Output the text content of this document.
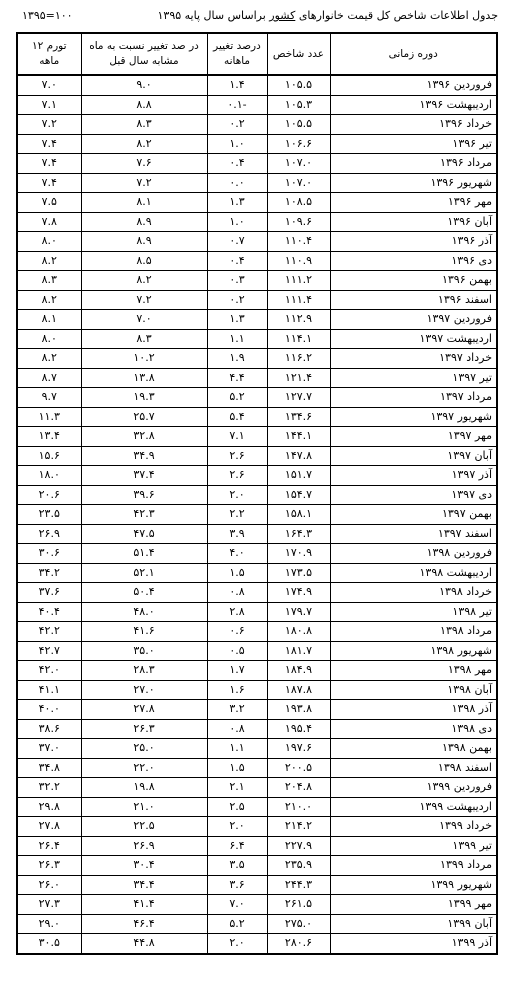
جدول اطلاعات شاخص کل قیمت خانوارهای کشور براساس سال پایه ۱۳۹۵
۱۰۰=۱۳۹۵
دوره زمانی	عدد شاخص	درصد تغییر ماهانه	در صد تغییر نسبت به ماه مشابه سال قبل	تورم ۱۲ ماهه
فروردین ۱۳۹۶	۱۰۵.۵	۱.۴	۹.۰	۷.۰
اردیبهشت ۱۳۹۶	۱۰۵.۳	-۰.۱	۸.۸	۷.۱
خرداد ۱۳۹۶	۱۰۵.۵	۰.۲	۸.۳	۷.۲
تیر ۱۳۹۶	۱۰۶.۶	۱.۰	۸.۲	۷.۴
مرداد ۱۳۹۶	۱۰۷.۰	۰.۴	۷.۶	۷.۴
شهریور ۱۳۹۶	۱۰۷.۰	۰.۰	۷.۲	۷.۴
مهر ۱۳۹۶	۱۰۸.۵	۱.۳	۸.۱	۷.۵
آبان ۱۳۹۶	۱۰۹.۶	۱.۰	۸.۹	۷.۸
آذر ۱۳۹۶	۱۱۰.۴	۰.۷	۸.۹	۸.۰
دی ۱۳۹۶	۱۱۰.۹	۰.۴	۸.۵	۸.۲
بهمن ۱۳۹۶	۱۱۱.۲	۰.۳	۸.۲	۸.۳
اسفند ۱۳۹۶	۱۱۱.۴	۰.۲	۷.۲	۸.۲
فروردین ۱۳۹۷	۱۱۲.۹	۱.۳	۷.۰	۸.۱
اردیبهشت ۱۳۹۷	۱۱۴.۱	۱.۱	۸.۳	۸.۰
خرداد ۱۳۹۷	۱۱۶.۲	۱.۹	۱۰.۲	۸.۲
تیر ۱۳۹۷	۱۲۱.۴	۴.۴	۱۳.۸	۸.۷
مرداد ۱۳۹۷	۱۲۷.۷	۵.۲	۱۹.۳	۹.۷
شهریور ۱۳۹۷	۱۳۴.۶	۵.۴	۲۵.۷	۱۱.۳
مهر ۱۳۹۷	۱۴۴.۱	۷.۱	۳۲.۸	۱۳.۴
آبان ۱۳۹۷	۱۴۷.۸	۲.۶	۳۴.۹	۱۵.۶
آذر ۱۳۹۷	۱۵۱.۷	۲.۶	۳۷.۴	۱۸.۰
دی ۱۳۹۷	۱۵۴.۷	۲.۰	۳۹.۶	۲۰.۶
بهمن ۱۳۹۷	۱۵۸.۱	۲.۲	۴۲.۳	۲۳.۵
اسفند ۱۳۹۷	۱۶۴.۳	۳.۹	۴۷.۵	۲۶.۹
فروردین ۱۳۹۸	۱۷۰.۹	۴.۰	۵۱.۴	۳۰.۶
اردیبهشت ۱۳۹۸	۱۷۳.۵	۱.۵	۵۲.۱	۳۴.۲
خرداد ۱۳۹۸	۱۷۴.۹	۰.۸	۵۰.۴	۳۷.۶
تیر ۱۳۹۸	۱۷۹.۷	۲.۸	۴۸.۰	۴۰.۴
مرداد ۱۳۹۸	۱۸۰.۸	۰.۶	۴۱.۶	۴۲.۲
شهریور ۱۳۹۸	۱۸۱.۷	۰.۵	۳۵.۰	۴۲.۷
مهر ۱۳۹۸	۱۸۴.۹	۱.۷	۲۸.۳	۴۲.۰
آبان ۱۳۹۸	۱۸۷.۸	۱.۶	۲۷.۰	۴۱.۱
آذر ۱۳۹۸	۱۹۳.۸	۳.۲	۲۷.۸	۴۰.۰
دی ۱۳۹۸	۱۹۵.۴	۰.۸	۲۶.۳	۳۸.۶
بهمن ۱۳۹۸	۱۹۷.۶	۱.۱	۲۵.۰	۳۷.۰
اسفند ۱۳۹۸	۲۰۰.۵	۱.۵	۲۲.۰	۳۴.۸
فروردین ۱۳۹۹	۲۰۴.۸	۲.۱	۱۹.۸	۳۲.۲
اردیبهشت ۱۳۹۹	۲۱۰.۰	۲.۵	۲۱.۰	۲۹.۸
خرداد ۱۳۹۹	۲۱۴.۲	۲.۰	۲۲.۵	۲۷.۸
تیر ۱۳۹۹	۲۲۷.۹	۶.۴	۲۶.۹	۲۶.۴
مرداد ۱۳۹۹	۲۳۵.۹	۳.۵	۳۰.۴	۲۶.۳
شهریور ۱۳۹۹	۲۴۴.۳	۳.۶	۳۴.۴	۲۶.۰
مهر ۱۳۹۹	۲۶۱.۵	۷.۰	۴۱.۴	۲۷.۳
آبان ۱۳۹۹	۲۷۵.۰	۵.۲	۴۶.۴	۲۹.۰
آذر ۱۳۹۹	۲۸۰.۶	۲.۰	۴۴.۸	۳۰.۵
